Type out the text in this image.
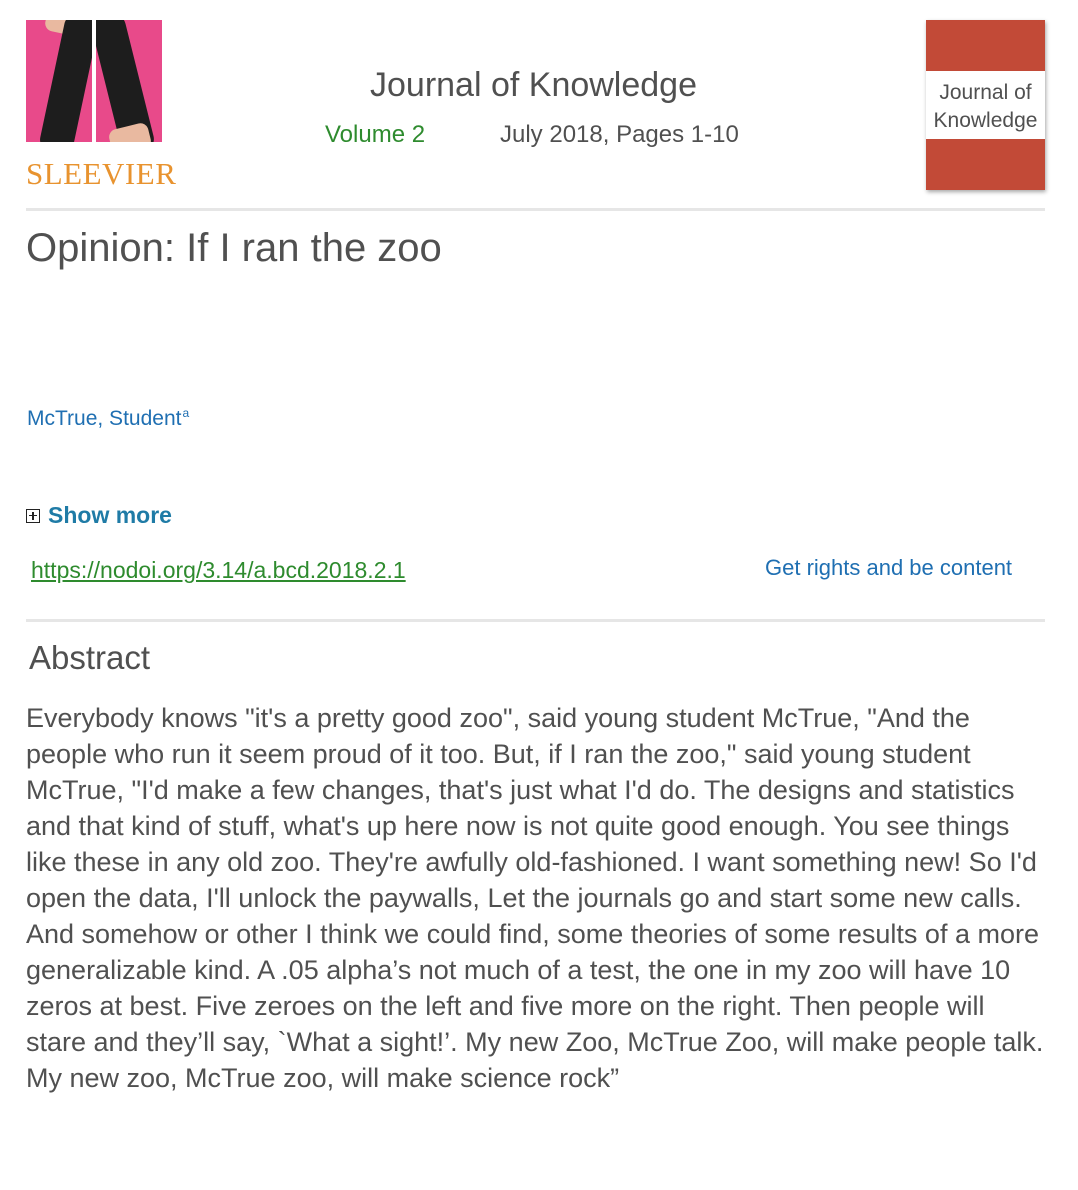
SLEEVIER
Journal of Knowledge
Volume 2	July 2018, Pages 1-10
Journal of Knowledge
Opinion: If I ran the zoo
McTrue, Student$^a$
Show more
https://nodoi.org/3.14/a.bcd.2018.2.1	Get rights and be content
Abstract

Everybody knows "it's a pretty good zoo", said young student McTrue, "And the people who run it seem proud of it too. But, if I ran the zoo," said young student McTrue, "I'd make a few changes, that's just what I'd do. The designs and statistics and that kind of stuff, what's up here now is not quite good enough. You see things like these in any old zoo. They're awfully old-fashioned. I want something new! So I'd open the data, I'll unlock the paywalls, Let the journals go and start some new calls. And somehow or other I think we could find, some theories of some results of a more generalizable kind. A .05 alpha’s not much of a test, the one in my zoo will have 10 zeros at best. Five zeroes on the left and five more on the right. Then people will stare and they’ll say, `What a sight!’. My new Zoo, McTrue Zoo, will make people talk. My new zoo, McTrue zoo, will make science rock”
